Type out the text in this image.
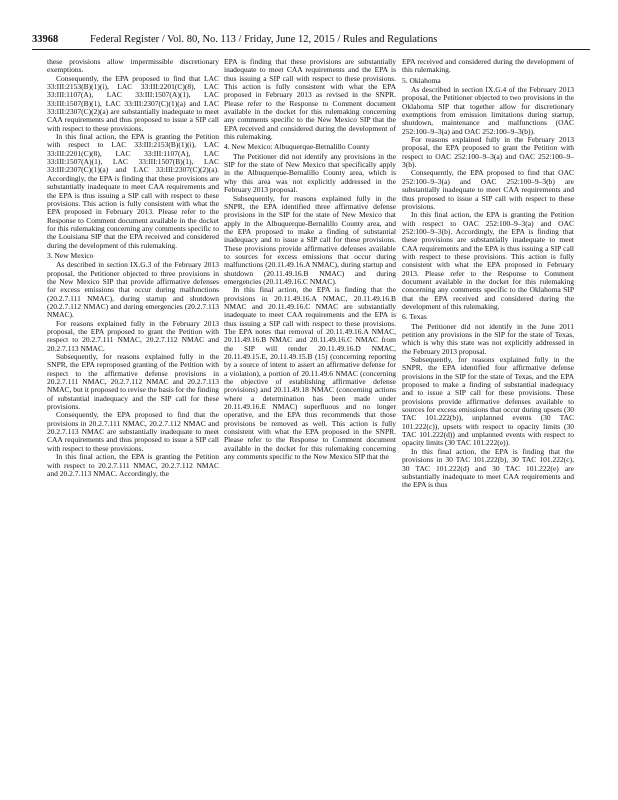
33968	Federal Register / Vol. 80, No. 113 / Friday, June 12, 2015 / Rules and Regulations

these provisions allow impermissible discretionary exemptions.

Consequently, the EPA proposed to find that LAC 33:III:2153(B)(1)(i), LAC 33:III:2201(C)(8), LAC 33:III:1107(A), LAC 33:III:1507(A)(1), LAC 33:III:1507(B)(1), LAC 33:III:2307(C)(1)(a) and LAC 33:III:2307(C)(2)(a) are substantially inadequate to meet CAA requirements and thus proposed to issue a SIP call with respect to these provisions.

In this final action, the EPA is granting the Petition with respect to LAC 33:III:2153(B)(1)(i), LAC 33:III:2201(C)(8), LAC 33:III:1107(A), LAC 33:III:1507(A)(1), LAC 33:III:1507(B)(1), LAC 33:III:2307(C)(1)(a) and LAC 33:III:2307(C)(2)(a). Accordingly, the EPA is finding that these provisions are substantially inadequate to meet CAA requirements and the EPA is thus issuing a SIP call with respect to these provisions. This action is fully consistent with what the EPA proposed in February 2013. Please refer to the Response to Comment document available in the docket for this rulemaking concerning any comments specific to the Louisiana SIP that the EPA received and considered during the development of this rulemaking.

3. New Mexico

As described in section IX.G.3 of the February 2013 proposal, the Petitioner objected to three provisions in the New Mexico SIP that provide affirmative defenses for excess emissions that occur during malfunctions (20.2.7.111 NMAC), during startup and shutdown (20.2.7.112 NMAC) and during emergencies (20.2.7.113 NMAC).

For reasons explained fully in the February 2013 proposal, the EPA proposed to grant the Petition with respect to 20.2.7.111 NMAC, 20.2.7.112 NMAC and 20.2.7.113 NMAC.

Subsequently, for reasons explained fully in the SNPR, the EPA reproposed granting of the Petition with respect to the affirmative defense provisions in 20.2.7.111 NMAC, 20.2.7.112 NMAC and 20.2.7.113 NMAC, but it proposed to revise the basis for the finding of substantial inadequacy and the SIP call for these provisions.

Consequently, the EPA proposed to find that the provisions in 20.2.7.111 NMAC, 20.2.7.112 NMAC and 20.2.7.113 NMAC are substantially inadequate to meet CAA requirements and thus proposed to issue a SIP call with respect to these provisions.

In this final action, the EPA is granting the Petition with respect to 20.2.7.111 NMAC, 20.2.7.112 NMAC and 20.2.7.113 NMAC. Accordingly, the

EPA is finding that these provisions are substantially inadequate to meet CAA requirements and the EPA is thus issuing a SIP call with respect to these provisions. This action is fully consistent with what the EPA proposed in February 2013 as revised in the SNPR. Please refer to the Response to Comment document available in the docket for this rulemaking concerning any comments specific to the New Mexico SIP that the EPA received and considered during the development of this rulemaking.

4. New Mexico: Albuquerque-Bernalillo County

The Petitioner did not identify any provisions in the SIP for the state of New Mexico that specifically apply in the Albuquerque-Bernalillo County area, which is why this area was not explicitly addressed in the February 2013 proposal.

Subsequently, for reasons explained fully in the SNPR, the EPA identified three affirmative defense provisions in the SIP for the state of New Mexico that apply in the Albuquerque-Bernalillo County area, and the EPA proposed to make a finding of substantial inadequacy and to issue a SIP call for these provisions. These provisions provide affirmative defenses available to sources for excess emissions that occur during malfunctions (20.11.49.16.A NMAC), during startup and shutdown (20.11.49.16.B NMAC) and during emergencies (20.11.49.16.C NMAC).

In this final action, the EPA is finding that the provisions in 20.11.49.16.A NMAC, 20.11.49.16.B NMAC and 20.11.49.16.C NMAC are substantially inadequate to meet CAA requirements and the EPA is thus issuing a SIP call with respect to these provisions. The EPA notes that removal of 20.11.49.16.A NMAC, 20.11.49.16.B NMAC and 20.11.49.16.C NMAC from the SIP will render 20.11.49.16.D NMAC, 20.11.49.15.E, 20.11.49.15.B (15) (concerning reporting by a source of intent to assert an affirmative defense for a violation), a portion of 20.11.49.6 NMAC (concerning the objective of establishing affirmative defense provisions) and 20.11.49.18 NMAC (concerning actions where a determination has been made under 20.11.49.16.E NMAC) superfluous and no longer operative, and the EPA thus recommends that those provisions be removed as well. This action is fully consistent with what the EPA proposed in the SNPR. Please refer to the Response to Comment document available in the docket for this rulemaking concerning any comments specific to the New Mexico SIP that the

EPA received and considered during the development of this rulemaking.

5. Oklahoma

As described in section IX.G.4 of the February 2013 proposal, the Petitioner objected to two provisions in the Oklahoma SIP that together allow for discretionary exemptions from emission limitations during startup, shutdown, maintenance and malfunctions (OAC 252:100–9–3(a) and OAC 252:100–9–3(b)).

For reasons explained fully in the February 2013 proposal, the EPA proposed to grant the Petition with respect to OAC 252:100–9–3(a) and OAC 252:100–9–3(b).

Consequently, the EPA proposed to find that OAC 252:100–9–3(a) and OAC 252:100–9–3(b) are substantially inadequate to meet CAA requirements and thus proposed to issue a SIP call with respect to these provisions.

In this final action, the EPA is granting the Petition with respect to OAC 252:100–9–3(a) and OAC 252:100–9–3(b). Accordingly, the EPA is finding that these provisions are substantially inadequate to meet CAA requirements and the EPA is thus issuing a SIP call with respect to these provisions. This action is fully consistent with what the EPA proposed in February 2013. Please refer to the Response to Comment document available in the docket for this rulemaking concerning any comments specific to the Oklahoma SIP that the EPA received and considered during the development of this rulemaking.

6. Texas

The Petitioner did not identify in the June 2011 petition any provisions in the SIP for the state of Texas, which is why this state was not explicitly addressed in the February 2013 proposal.

Subsequently, for reasons explained fully in the SNPR, the EPA identified four affirmative defense provisions in the SIP for the state of Texas, and the EPA proposed to make a finding of substantial inadequacy and to issue a SIP call for these provisions. These provisions provide affirmative defenses available to sources for excess emissions that occur during upsets (30 TAC 101.222(b)), unplanned events (30 TAC 101.222(c)), upsets with respect to opacity limits (30 TAC 101.222(d)) and unplanned events with respect to opacity limits (30 TAC 101.222(e)).

In this final action, the EPA is finding that the provisions in 30 TAC 101.222(b), 30 TAC 101.222(c), 30 TAC 101.222(d) and 30 TAC 101.222(e) are substantially inadequate to meet CAA requirements and the EPA is thus
